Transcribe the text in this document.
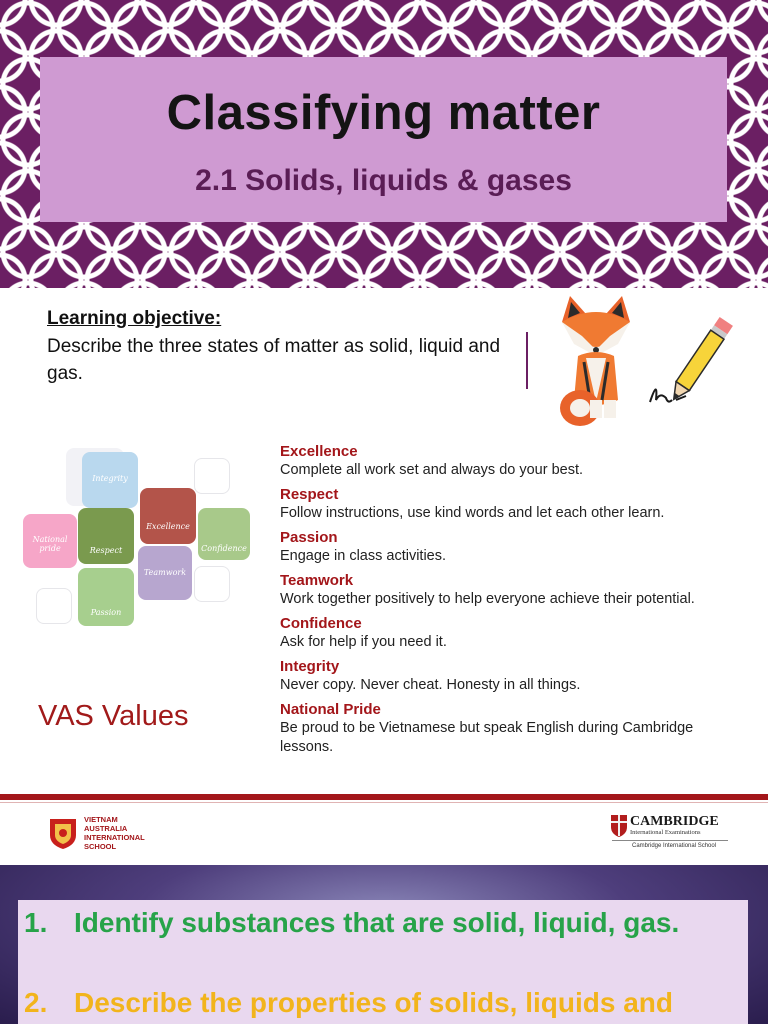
Classifying matter
2.1 Solids, liquids & gases
Learning objective:
Describe the three states of matter as solid, liquid and gas.
Integrity
National pride	Respect
Excellence
Confidence
Teamwork
Passion
VAS Values
Excellence
Complete all work set and always do your best.
Respect
Follow instructions, use kind words and let each other learn.
Passion
Engage in class activities.
Teamwork
Work together positively to help everyone achieve their potential.
Confidence
Ask for help if you need it.
Integrity
Never copy. Never cheat. Honesty in all things.
National Pride
Be proud to be Vietnamese but speak English during Cambridge lessons.
VIETNAM
AUSTRALIA
INTERNATIONAL
SCHOOL
CAMBRIDGE
International Examinations
Cambridge International School
1. Identify substances that are solid, liquid, gas.
2. Describe the properties of solids, liquids and
